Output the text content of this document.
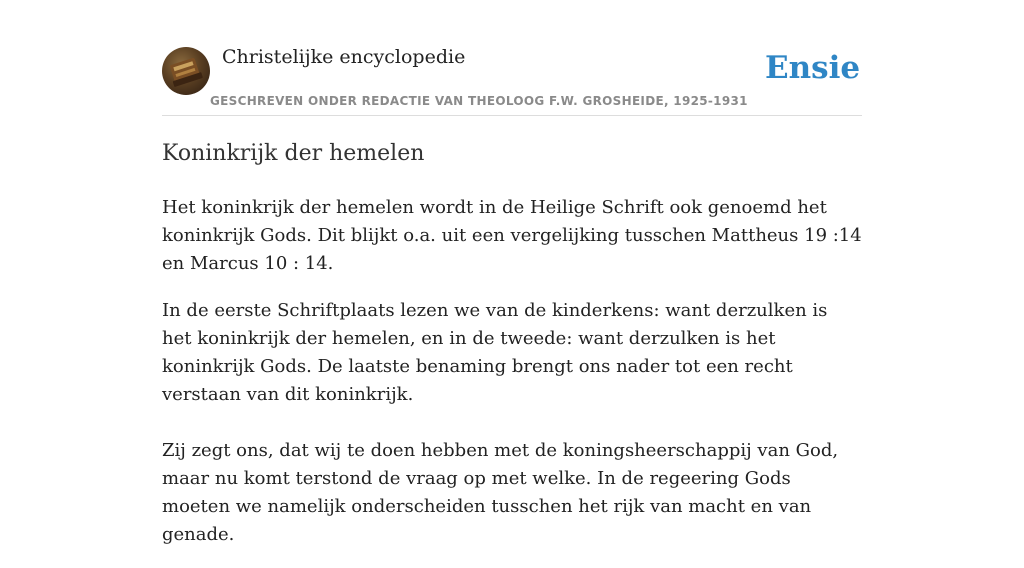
Christelijke encyclopedie
GESCHREVEN ONDER REDACTIE VAN THEOLOOG F.W. GROSHEIDE, 1925-1931
Ensie
Koninkrijk der hemelen

Het koninkrijk der hemelen wordt in de Heilige Schrift ook genoemd het koninkrijk Gods. Dit blijkt o.a. uit een vergelijking tusschen Mattheus 19 :14 en Marcus 10 : 14.

In de eerste Schriftplaats lezen we van de kinderkens: want derzulken is het koninkrijk der hemelen, en in de tweede: want derzulken is het koninkrijk Gods. De laatste benaming brengt ons nader tot een recht verstaan van dit koninkrijk.

Zij zegt ons, dat wij te doen hebben met de koningsheerschappij van God, maar nu komt terstond de vraag op met welke. In de regeering Gods moeten we namelijk onderscheiden tusschen het rijk van macht en van genade.
